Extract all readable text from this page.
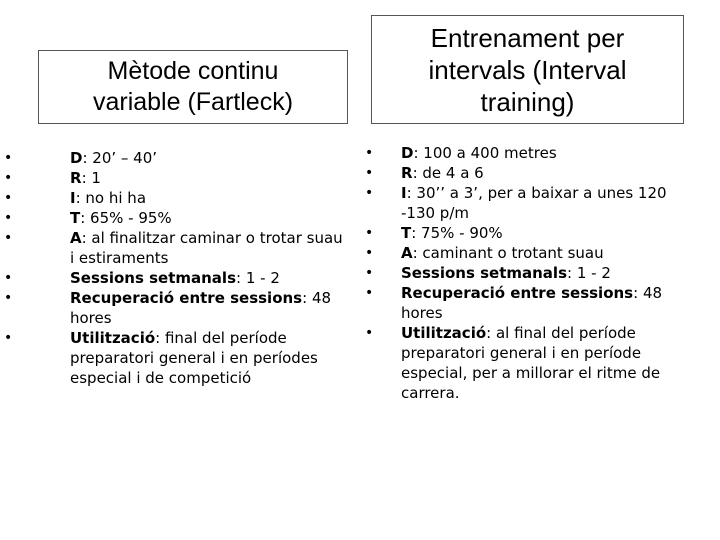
Mètode continu
variable (Fartleck)
Entrenament per
intervals (Interval
training)
•	D: 20’ – 40’
•	R: 1
•	I: no hi ha
•	T: 65% - 95%
•	A: al finalitzar caminar o trotar suau i estiraments
•	Sessions setmanals: 1 - 2
•	Recuperació entre sessions: 48 hores
•	Utilització: final del període preparatori general i en períodes especial i de competició
• D: 100 a 400 metres
• R: de 4 a 6
• I: 30’’ a 3’, per a baixar a unes 120 -130 p/m
• T: 75% - 90%
• A: caminant o trotant suau
• Sessions setmanals: 1 - 2
• Recuperació entre sessions: 48 hores
• Utilització: al final del període preparatori general i en període especial, per a millorar el ritme de carrera.
